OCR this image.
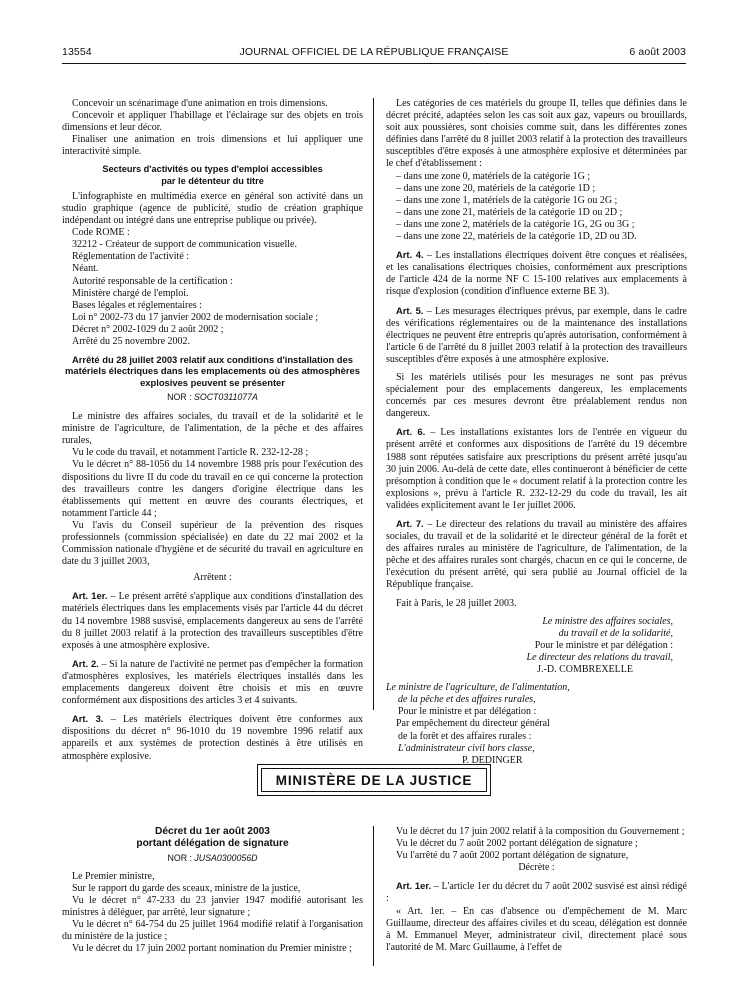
13554	JOURNAL OFFICIEL DE LA RÉPUBLIQUE FRANÇAISE	6 août 2003

Concevoir un scénarimage d'une animation en trois dimensions.

Concevoir et appliquer l'habillage et l'éclairage sur des objets en trois dimensions et leur décor.

Finaliser une animation en trois dimensions et lui appliquer une interactivité simple.

Secteurs d'activités ou types d'emploi accessibles
par le détenteur du titre

L'infographiste en multimédia exerce en général son activité dans un studio graphique (agence de publicité, studio de création graphique indépendant ou intégré dans une entreprise publique ou privée).

Code ROME :

32212 - Créateur de support de communication visuelle.

Réglementation de l'activité :

Néant.

Autorité responsable de la certification :

Ministère chargé de l'emploi.

Bases légales et réglementaires :

Loi n° 2002-73 du 17 janvier 2002 de modernisation sociale ;

Décret n° 2002-1029 du 2 août 2002 ;

Arrêté du 25 novembre 2002.

Arrêté du 28 juillet 2003 relatif aux conditions d'installation des matériels électriques dans les emplacements où des atmosphères explosives peuvent se présenter
NOR : SOCT0311077A

Le ministre des affaires sociales, du travail et de la solidarité et le ministre de l'agriculture, de l'alimentation, de la pêche et des affaires rurales,

Vu le code du travail, et notamment l'article R. 232-12-28 ;

Vu le décret n° 88-1056 du 14 novembre 1988 pris pour l'exécution des dispositions du livre II du code du travail en ce qui concerne la protection des travailleurs contre les dangers d'origine électrique dans les établissements qui mettent en œuvre des courants électriques, et notamment l'article 44 ;

Vu l'avis du Conseil supérieur de la prévention des risques professionnels (commission spécialisée) en date du 22 mai 2002 et la Commission nationale d'hygiène et de sécurité du travail en agriculture en date du 3 juillet 2003,

Arrêtent :

Art. 1er. – Le présent arrêté s'applique aux conditions d'installation des matériels électriques dans les emplacements visés par l'article 44 du décret du 14 novembre 1988 susvisé, emplacements dangereux au sens de l'arrêté du 8 juillet 2003 relatif à la protection des travailleurs susceptibles d'être exposés à une atmosphère explosive.

Art. 2. – Si la nature de l'activité ne permet pas d'empêcher la formation d'atmosphères explosives, les matériels électriques installés dans les emplacements dangereux doivent être choisis et mis en œuvre conformément aux dispositions des articles 3 et 4 suivants.

Art. 3. – Les matériels électriques doivent être conformes aux dispositions du décret n° 96-1010 du 19 novembre 1996 relatif aux appareils et aux systèmes de protection destinés à être utilisés en atmosphère explosive.

Les catégories de ces matériels du groupe II, telles que définies dans le décret précité, adaptées selon les cas soit aux gaz, vapeurs ou brouillards, soit aux poussières, sont choisies comme suit, dans les différentes zones définies dans l'arrêté du 8 juillet 2003 relatif à la protection des travailleurs susceptibles d'être exposés à une atmosphère explosive et déterminées par le chef d'établissement :

– dans une zone 0, matériels de la catégorie 1G ;

– dans une zone 20, matériels de la catégorie 1D ;

– dans une zone 1, matériels de la catégorie 1G ou 2G ;

– dans une zone 21, matériels de la catégorie 1D ou 2D ;

– dans une zone 2, matériels de la catégorie 1G, 2G ou 3G ;

– dans une zone 22, matériels de la catégorie 1D, 2D ou 3D.

Art. 4. – Les installations électriques doivent être conçues et réalisées, et les canalisations électriques choisies, conformément aux prescriptions de l'article 424 de la norme NF C 15-100 relatives aux emplacements à risque d'explosion (condition d'influence externe BE 3).

Art. 5. – Les mesurages électriques prévus, par exemple, dans le cadre des vérifications réglementaires ou de la maintenance des installations électriques ne peuvent être entrepris qu'après autorisation, conformément à l'article 6 de l'arrêté du 8 juillet 2003 relatif à la protection des travailleurs susceptibles d'être exposés à une atmosphère explosive.

Si les matériels utilisés pour les mesurages ne sont pas prévus spécialement pour des emplacements dangereux, les emplacements concernés par ces mesures devront être préalablement rendus non dangereux.

Art. 6. – Les installations existantes lors de l'entrée en vigueur du présent arrêté et conformes aux dispositions de l'arrêté du 19 décembre 1988 sont réputées satisfaire aux prescriptions du présent arrêté jusqu'au 30 juin 2006. Au-delà de cette date, elles continueront à bénéficier de cette présomption à condition que le « document relatif à la protection contre les explosions », prévu à l'article R. 232-12-29 du code du travail, les ait validées explicitement avant le 1er juillet 2006.

Art. 7. – Le directeur des relations du travail au ministère des affaires sociales, du travail et de la solidarité et le directeur général de la forêt et des affaires rurales au ministère de l'agriculture, de l'alimentation, de la pêche et des affaires rurales sont chargés, chacun en ce qui le concerne, de l'exécution du présent arrêté, qui sera publié au Journal officiel de la République française.

Fait à Paris, le 28 juillet 2003.

Le ministre des affaires sociales,
du travail et de la solidarité,
Pour le ministre et par délégation :
Le directeur des relations du travail,
J.-D. COMBREXELLE
Le ministre de l'agriculture, de l'alimentation,
de la pêche et des affaires rurales,
Pour le ministre et par délégation :
Par empêchement du directeur général
de la forêt et des affaires rurales :
L'administrateur civil hors classe,
P. DEDINGER
MINISTÈRE DE LA JUSTICE
Décret du 1er août 2003
portant délégation de signature
NOR : JUSA0300056D

Le Premier ministre,

Sur le rapport du garde des sceaux, ministre de la justice,

Vu le décret n° 47-233 du 23 janvier 1947 modifié autorisant les ministres à déléguer, par arrêté, leur signature ;

Vu le décret n° 64-754 du 25 juillet 1964 modifié relatif à l'organisation du ministère de la justice ;

Vu le décret du 17 juin 2002 portant nomination du Premier ministre ;

Vu le décret du 17 juin 2002 relatif à la composition du Gouvernement ;

Vu le décret du 7 août 2002 portant délégation de signature ;

Vu l'arrêté du 7 août 2002 portant délégation de signature,

Décrète :

Art. 1er. – L'article 1er du décret du 7 août 2002 susvisé est ainsi rédigé :

« Art. 1er. – En cas d'absence ou d'empêchement de M. Marc Guillaume, directeur des affaires civiles et du sceau, délégation est donnée à M. Emmanuel Meyer, administrateur civil, directement placé sous l'autorité de M. Marc Guillaume, à l'effet de
